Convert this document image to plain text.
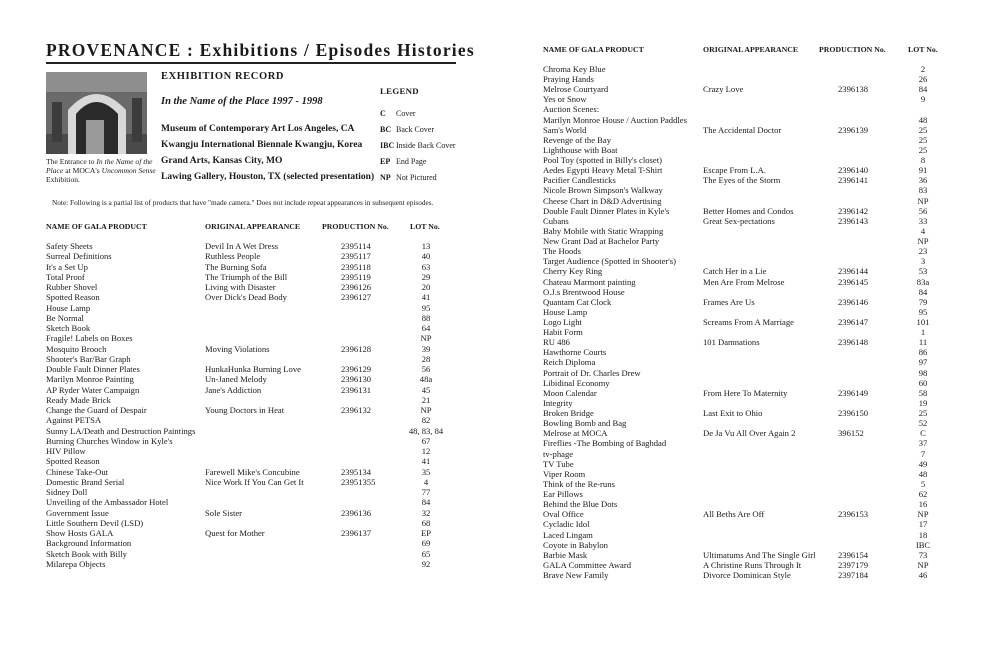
PROVENANCE : Exhibitions / Episodes Histories
The Entrance to In the Name of the Place at MOCA's Uncommon Sense Exhibition.
EXHIBITION RECORD
In the Name of the Place 1997 - 1998
Museum of Contemporary Art Los Angeles, CA
Kwangju International Biennale Kwangju, Korea
Grand Arts, Kansas City, MO
Lawing Gallery, Houston, TX (selected presentation)
LEGEND
C Cover
BC Back Cover
IBC Inside Back Cover
EP End Page
NP Not Pictured
Note: Following is a partial list of products that have "made camera." Does not include repeat appearances in subsequent episodes.
NAME OF GALA PRODUCT	ORIGINAL APPEARANCE	PRODUCTION No.	LOT No.
Safety Sheets	Devil In A Wet Dress	2395114	13
Surreal Definitions	Ruthless People	2395117	40
It's a Set Up	The Burning Sofa	2395118	63
Total Proof	The Triumph of the Bill	2395119	29
Rubber Shovel	Living with Disaster	2396126	20
Spotted Reason	Over Dick's Dead Body	2396127	41
House Lamp	95
Be Normal	88
Sketch Book	64
Fragile! Labels on Boxes	NP
Mosquito Brooch	Moving Violations	2396128	39
Shooter's Bar/Bar Graph	28
Double Fault Dinner Plates	HunkaHunka Burning Love	2396129	56
Marilyn Monroe Painting	Un-Janed Melody	2396130	48a
AP Ryder Water Campaign	Jane's Addiction	2396131	45
Ready Made Brick	21
Change the Guard of Despair	Young Doctors in Heat	2396132	NP
Against PETSA	82
Sunny LA/Death and Destruction Paintings	48, 83, 84
Burning Churches Window in Kyle's	67
HIV Pillow	12
Spotted Reason	41
Chinese Take-Out	Farewell Mike's Concubine	2395134	35
Domestic Brand Serial	Nice Work If You Can Get It	23951355	4
Sidney Doll	77
Unveiling of the Ambassador Hotel	84
Government Issue	Sole Sister	2396136	32
Little Southern Devil (LSD)	68
Show Hosts GALA	Quest for Mother	2396137	EP
Background Information	69
Sketch Book with Billy	65
Milarepa Objects	92
NAME OF GALA PRODUCT	ORIGINAL APPEARANCE	PRODUCTION No.	LOT No.
Chroma Key Blue	2
Praying Hands	26
Melrose Courtyard	Crazy Love	2396138	84
Yes or Snow	9
Auction Scenes:
Marilyn Monroe House / Auction Paddles	48
Sam's World	The Accidental Doctor	2396139	25
Revenge of the Bay	25
Lighthouse with Boat	25
Pool Toy (spotted in Billy's closet)	8
Aedes Egypti Heavy Metal T-Shirt	Escape From L.A.	2396140	91
Pacifier Candlesticks	The Eyes of the Storm	2396141	36
Nicole Brown Simpson's Walkway	83
Cheese Chart in D&D Advertising	NP
Double Fault Dinner Plates in Kyle's	Better Homes and Condos	2396142	56
Cubans	Great Sex-pectations	2396143	33
Baby Mobile with Static Wrapping	4
New Grant Dad at Bachelor Party	NP
The Hoods	23
Target Audience (Spotted in Shooter's)	3
Cherry Key Ring	Catch Her in a Lie	2396144	53
Chateau Marmont painting	Men Are From Melrose	2396145	83a
O.J.s Brentwood House	84
Quantam Cat Clock	Frames Are Us	2396146	79
House Lamp	95
Logo Light	Screams From A Marriage	2396147	101
Habit Form	1
RU 486	101 Damnations	2396148	11
Hawthorne Courts	86
Reich Diploma	97
Portrait of Dr. Charles Drew	98
Libidinal Economy	60
Moon Calendar	From Here To Maternity	2396149	58
Integrity	19
Broken Bridge	Last Exit to Ohio	2396150	25
Bowling Bomb and Bag	52
Melrose at MOCA	De Ja Vu All Over Again 2	396152	C
Fireflies -The Bombing of Baghdad	37
tv-phage	7
TV Tube	49
Viper Room	48
Think of the Re-runs	5
Ear Pillows	62
Behind the Blue Dots	16
Oval Office	All Beths Are Off	2396153	NP
Cycladic Idol	17
Laced Lingam	18
Coyote in Babylon	IBC
Barbie Mask	Ultimatums And The Single Girl	2396154	73
GALA Committee Award	A Christine Runs Through It	2397179	NP
Brave New Family	Divorce Dominican Style	2397184	46
